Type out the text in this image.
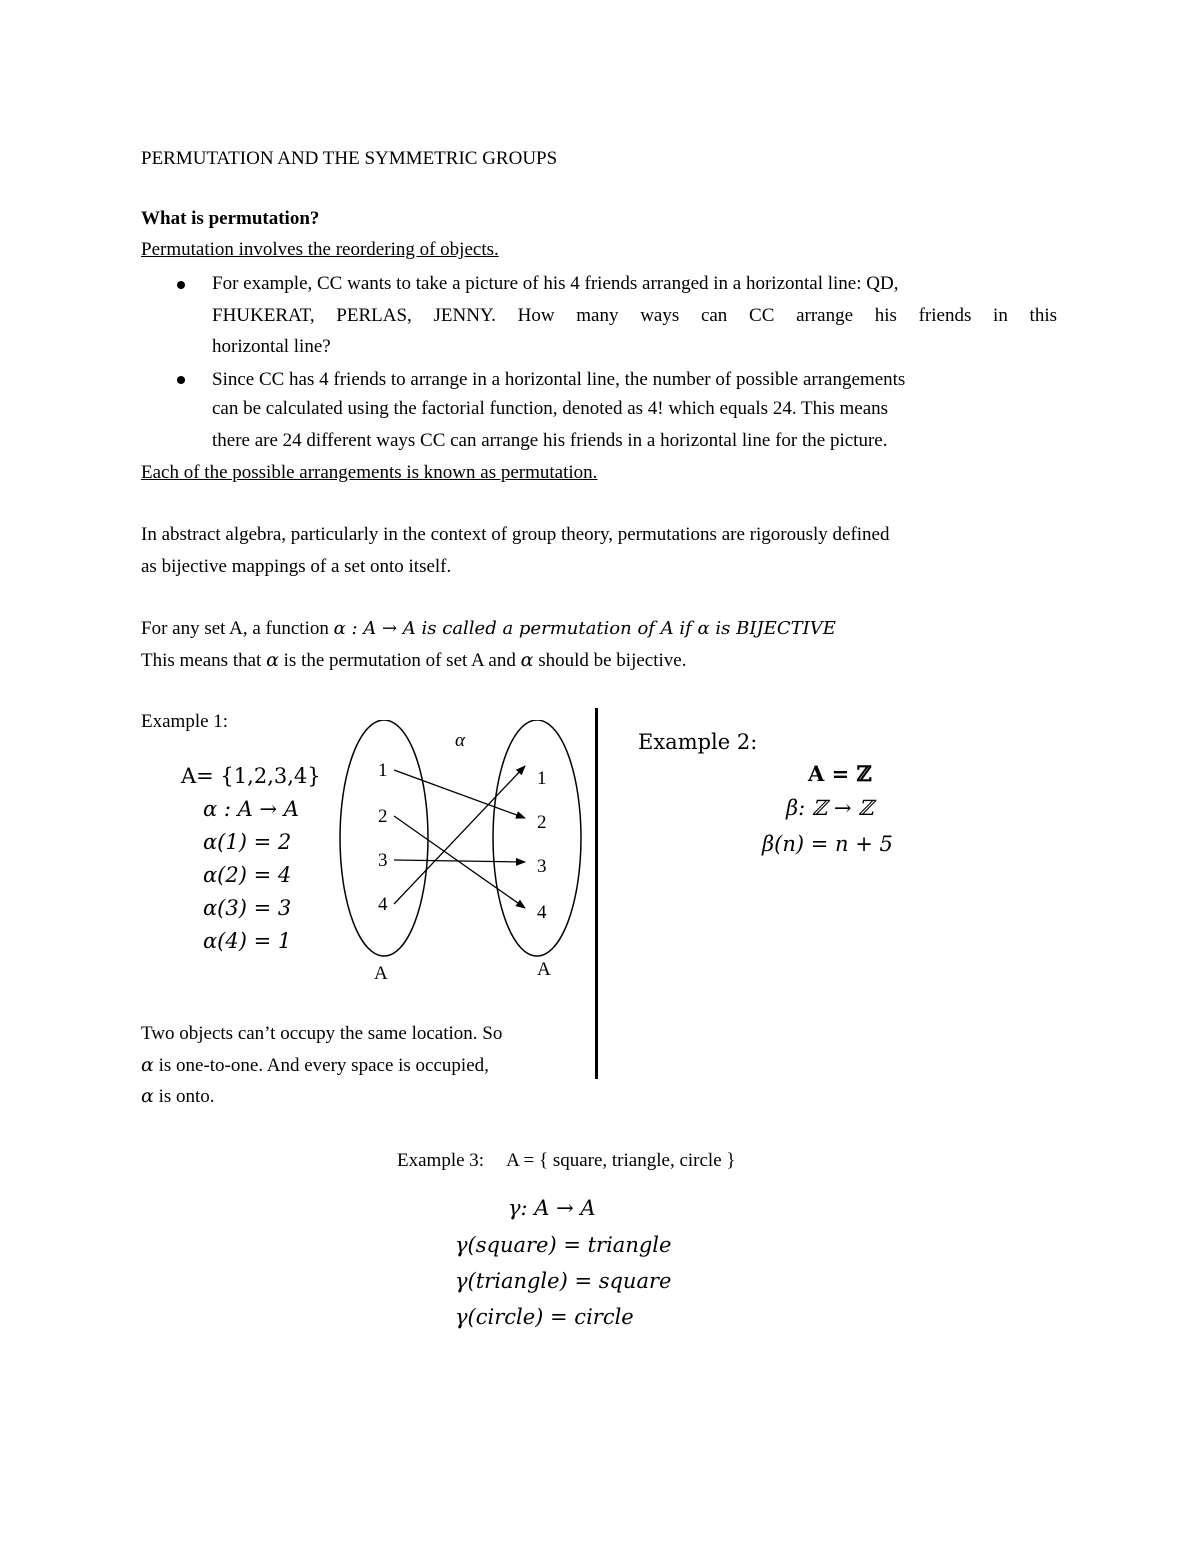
PERMUTATION AND THE SYMMETRIC GROUPS
What is permutation?
Permutation involves the reordering of objects.
For example, CC wants to take a picture of his 4 friends arranged in a horizontal line: QD,
FHUKERAT, PERLAS, JENNY. How many ways can CC arrange his friends in this
horizontal line?
Since CC has 4 friends to arrange in a horizontal line, the number of possible arrangements
can be calculated using the factorial function, denoted as 4! which equals 24. This means
there are 24 different ways CC can arrange his friends in a horizontal line for the picture.
Each of the possible arrangements is known as permutation.
In abstract algebra, particularly in the context of group theory, permutations are rigorously defined
as bijective mappings of a set onto itself.
For any set A, a function α : A → A is called a permutation of A if α is BIJECTIVE
This means that α is the permutation of set A and α should be bijective.
Example 1:
A= {1,2,3,4}
α : A → A
α(1) = 2
α(2) = 4
α(3) = 3
α(4) = 1
α
1
2
3
4
1
2
3
4
A	A
Two objects can’t occupy the same location. So
α is one-to-one. And every space is occupied,
α is onto.
Example 2:
A = ℤ
β: ℤ → ℤ
β(n) = n + 5
Example 3: A = { square, triangle, circle }
γ: A → A
γ(square) = triangle
γ(triangle) = square
γ(circle) = circle
